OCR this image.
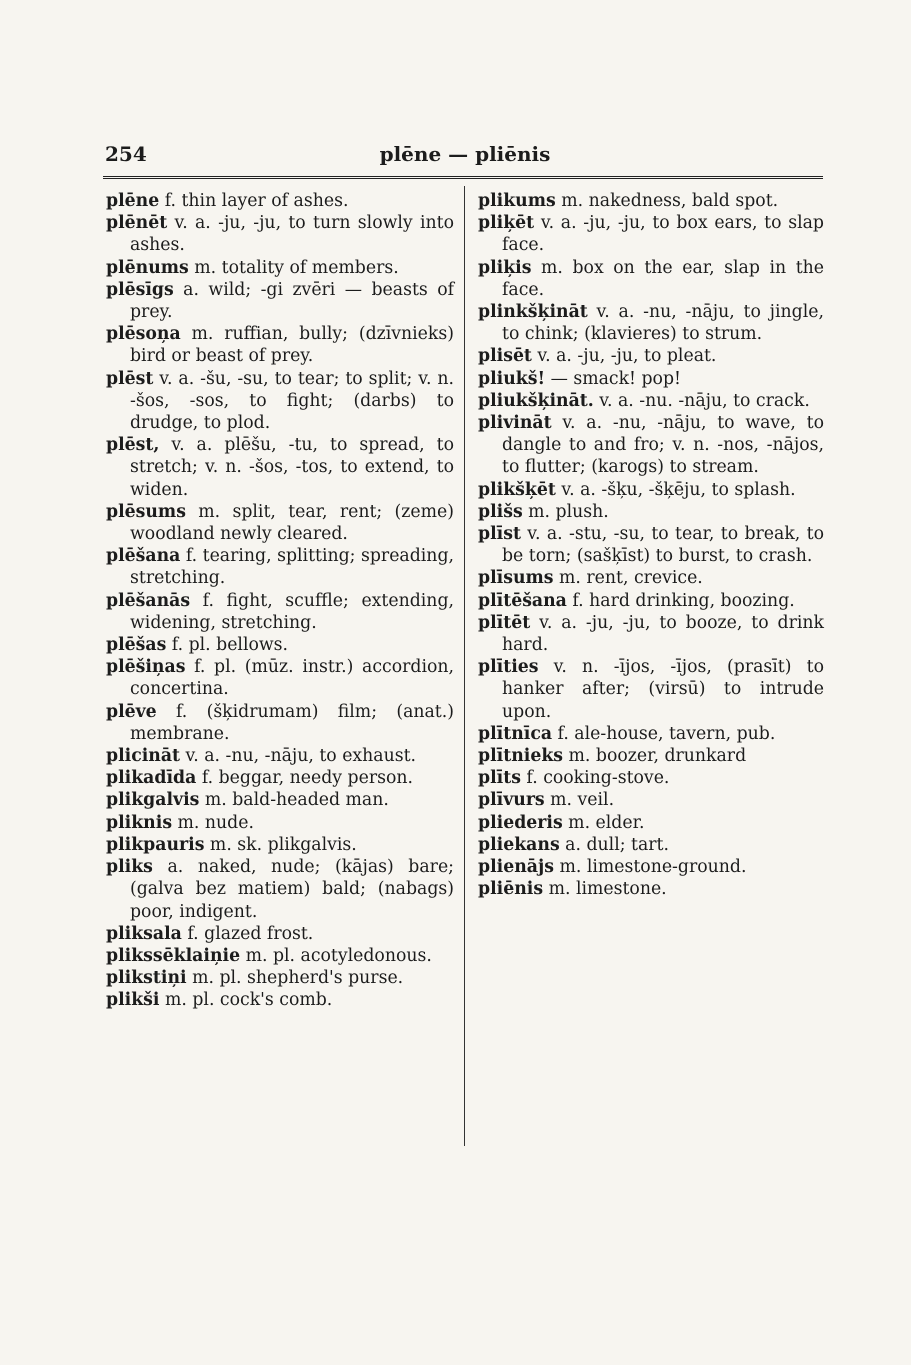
254	plēne — pliēnis

plēne f. thin layer of ashes.

plēnēt v. a. -ju, -ju, to turn slowly into ashes.

plēnums m. totality of members.

plēsīgs a. wild; -gi zvēri — beasts of prey.

plēsoņa m. ruffian, bully; (dzīvnieks) bird or beast of prey.

plēst v. a. -šu, -su, to tear; to split; v. n. -šos, -sos, to fight; (darbs) to drudge, to plod.

plēst, v. a. plēšu, -tu, to spread, to stretch; v. n. -šos, -tos, to extend, to widen.

plēsums m. split, tear, rent; (zeme) woodland newly cleared.

plēšana f. tearing, splitting; spreading, stretching.

plēšanās f. fight, scuffle; extending, widening, stretching.

plēšas f. pl. bellows.

plēšiņas f. pl. (mūz. instr.) accordion, concertina.

plēve f. (šķidrumam) film; (anat.) membrane.

plicināt v. a. -nu, -nāju, to exhaust.

plikadīda f. beggar, needy person.

plikgalvis m. bald-headed man.

pliknis m. nude.

plikpauris m. sk. plikgalvis.

pliks a. naked, nude; (kājas) bare; (galva bez matiem) bald; (nabags) poor, indigent.

pliksala f. glazed frost.

plikssēklaiņie m. pl. acotyledonous.

plikstiņi m. pl. shepherd's purse.

plikši m. pl. cock's comb.

plikums m. nakedness, bald spot.

pliķēt v. a. -ju, -ju, to box ears, to slap face.

pliķis m. box on the ear, slap in the face.

plinkšķināt v. a. -nu, -nāju, to jingle, to chink; (klavieres) to strum.

plisēt v. a. -ju, -ju, to pleat.

pliukš! — smack! pop!

pliukšķināt. v. a. -nu. -nāju, to crack.

plivināt v. a. -nu, -nāju, to wave, to dangle to and fro; v. n. -nos, -nājos, to flutter; (karogs) to stream.

plikšķēt v. a. -šķu, -šķēju, to splash.

plišs m. plush.

plīst v. a. -stu, -su, to tear, to break, to be torn; (sašķīst) to burst, to crash.

plīsums m. rent, crevice.

plītēšana f. hard drinking, boozing.

plītēt v. a. -ju, -ju, to booze, to drink hard.

plīties v. n. -ījos, -ījos, (prasīt) to hanker after; (virsū) to intrude upon.

plītnīca f. ale-house, tavern, pub.

plītnieks m. boozer, drunkard

plīts f. cooking-stove.

plīvurs m. veil.

pliederis m. elder.

pliekans a. dull; tart.

plienājs m. limestone-ground.

pliēnis m. limestone.
